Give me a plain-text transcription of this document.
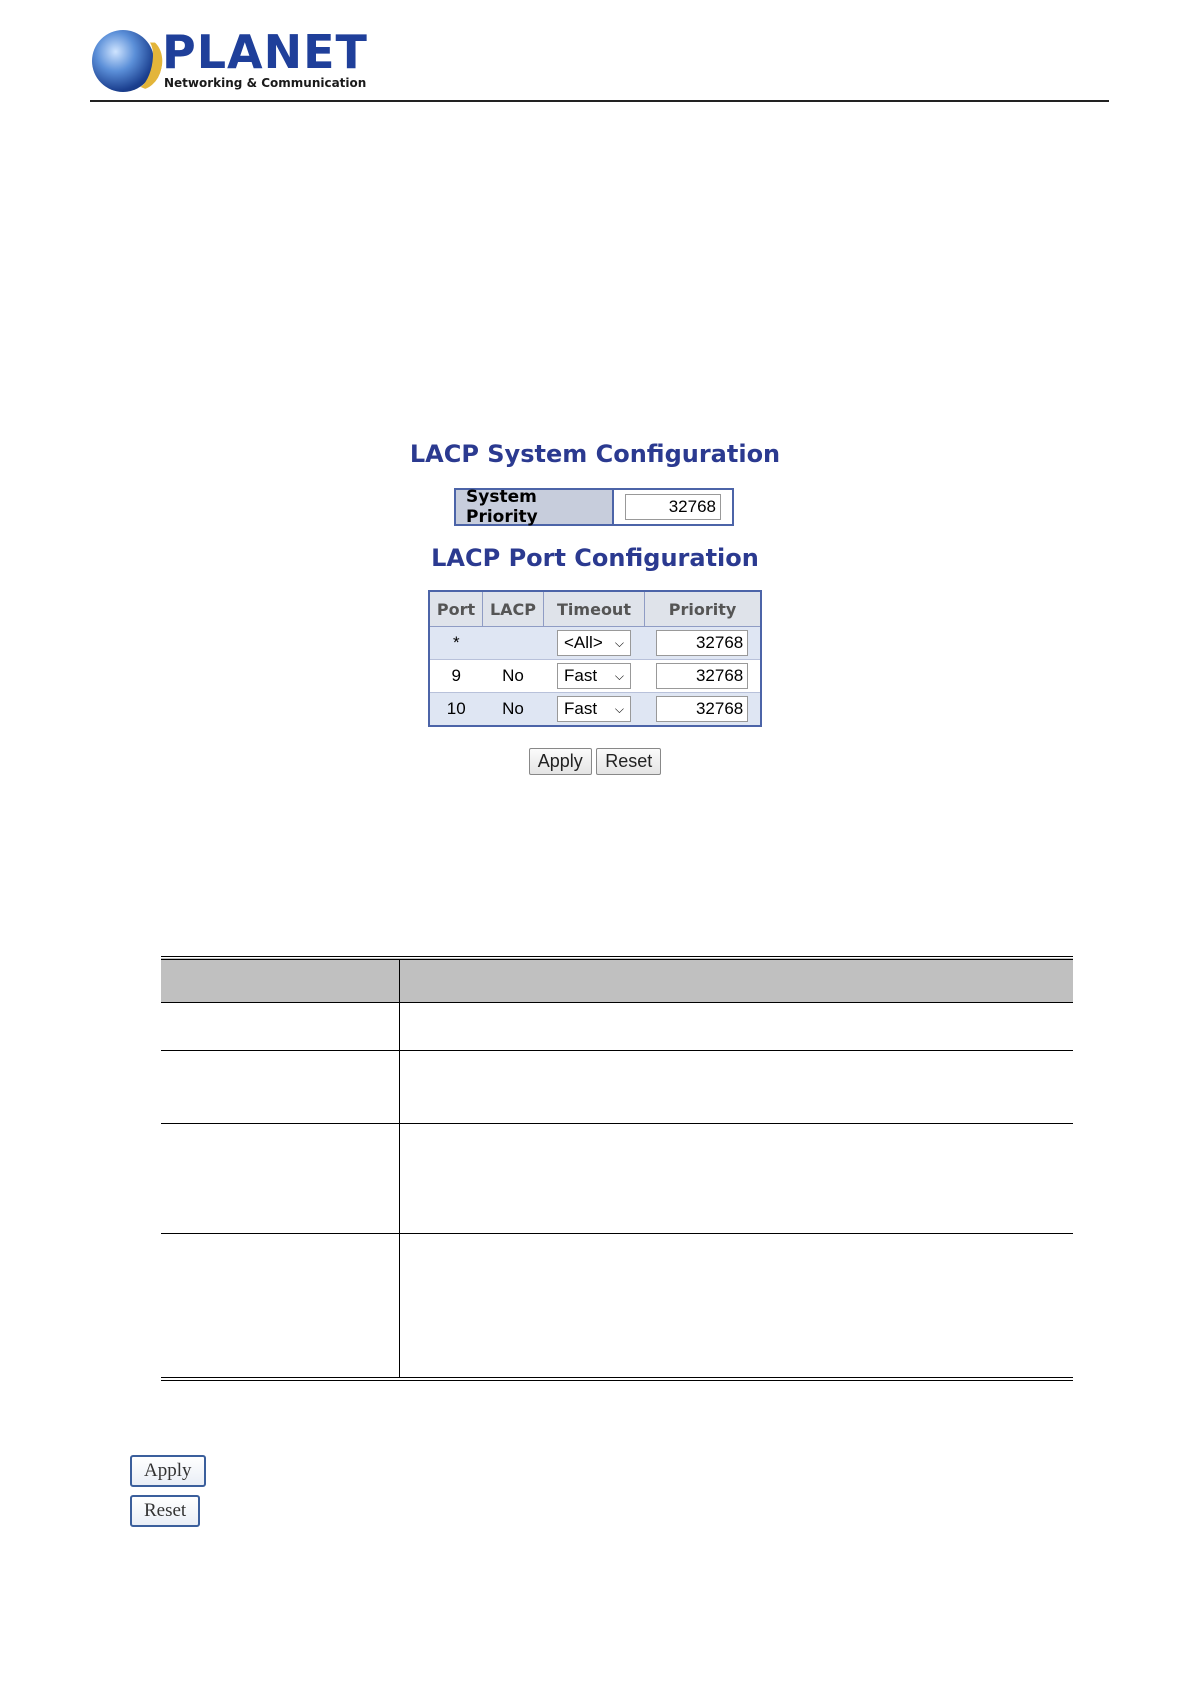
PLANET
Networking & Communication
LACP System Configuration
System Priority
32768
LACP Port Configuration
Port	LACP	Timeout	Priority
*		<All> ⌵	32768

9	No	Fast ⌵	32768

10	No	Fast ⌵	32768
Apply Reset

Apply
Reset
